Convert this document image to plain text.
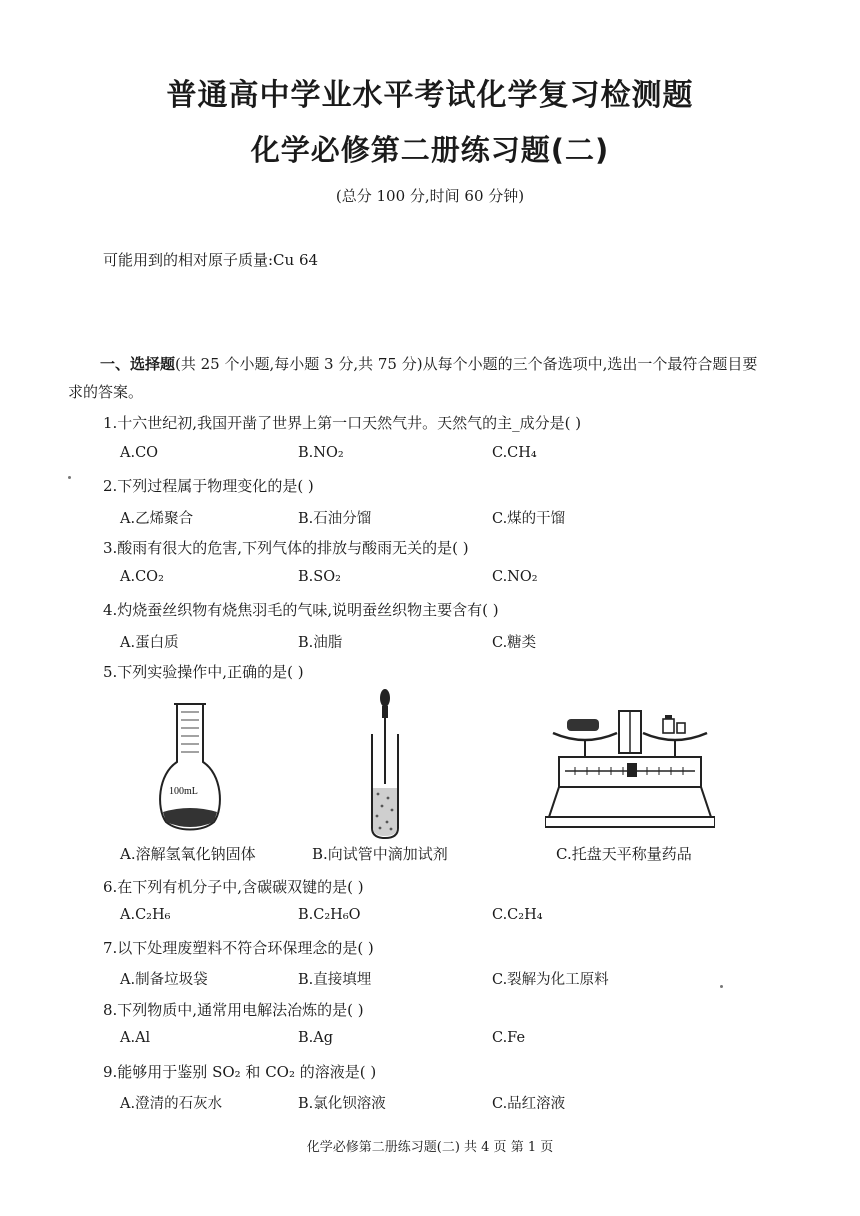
普通高中学业水平考试化学复习检测题
化学必修第二册练习题(二)
(总分 100 分,时间 60 分钟)
可能用到的相对原子质量:Cu 64
一、选择题(共 25 个小题,每小题 3 分,共 75 分)从每个小题的三个备选项中,选出一个最符合题目要
求的答案。
1.十六世纪初,我国开凿了世界上第一口天然气井。天然气的主_成分是( )
A.CO	B.NO₂	C.CH₄
2.下列过程属于物理变化的是( )
A.乙烯聚合	B.石油分馏	C.煤的干馏
3.酸雨有很大的危害,下列气体的排放与酸雨无关的是( )
A.CO₂	B.SO₂	C.NO₂
4.灼烧蚕丝织物有烧焦羽毛的气味,说明蚕丝织物主要含有( )
A.蛋白质	B.油脂	C.糖类
5.下列实验操作中,正确的是( )
100mL
A.溶解氢氧化钠固体	B.向试管中滴加试剂	C.托盘天平称量药品
6.在下列有机分子中,含碳碳双键的是( )
A.C₂H₆	B.C₂H₆O	C.C₂H₄
7.以下处理废塑料不符合环保理念的是( )
A.制备垃圾袋	B.直接填埋	C.裂解为化工原料
8.下列物质中,通常用电解法冶炼的是( )
A.Al	B.Ag	C.Fe
9.能够用于鉴别 SO₂ 和 CO₂ 的溶液是( )
A.澄清的石灰水	B.氯化钡溶液	C.品红溶液
化学必修第二册练习题(二) 共 4 页 第 1 页
